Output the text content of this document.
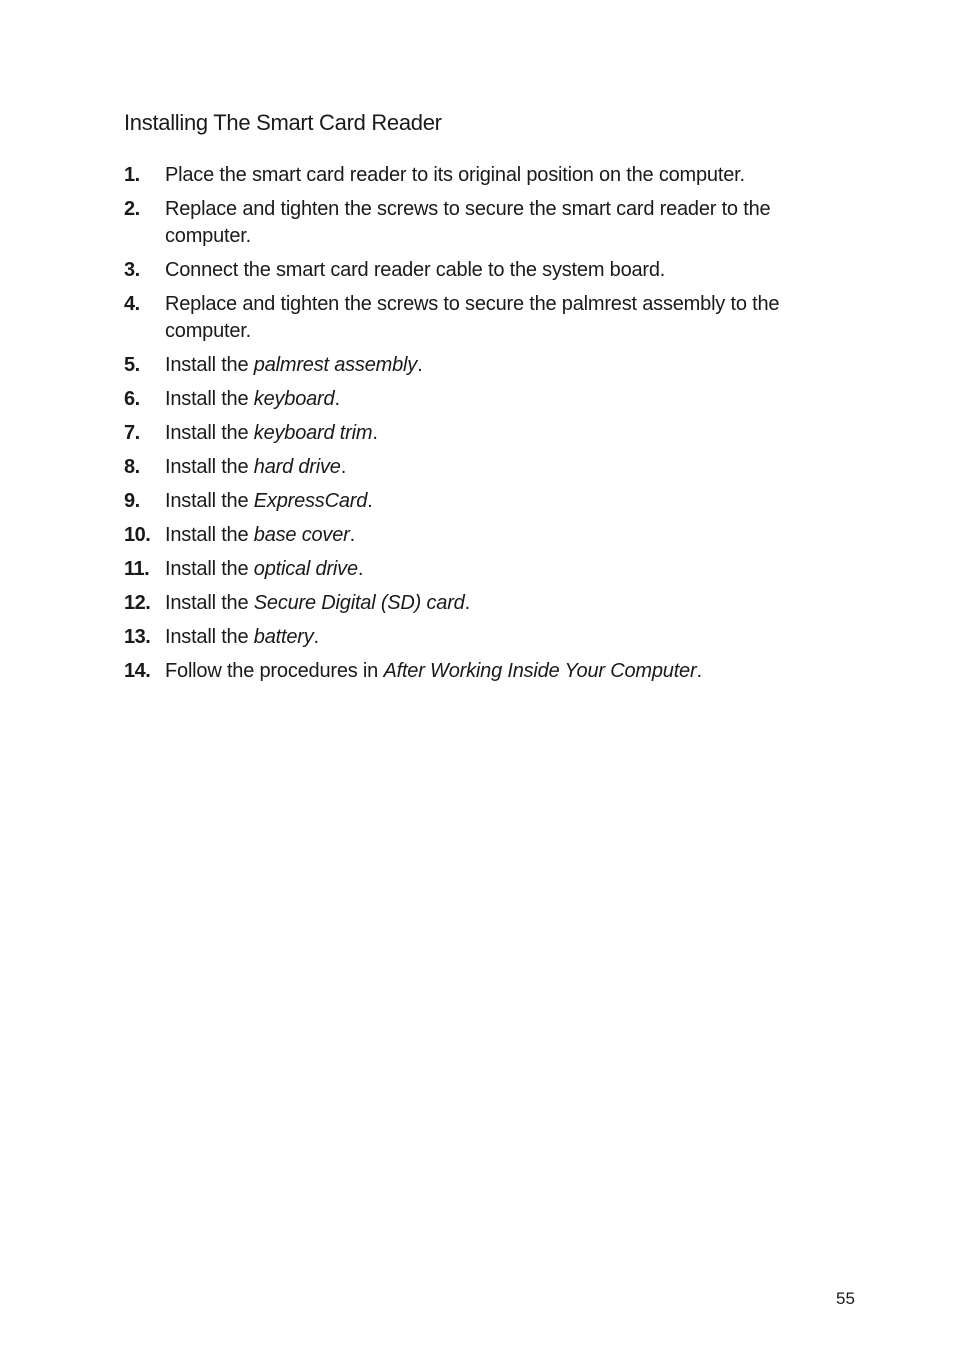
Installing The Smart Card Reader
1. Place the smart card reader to its original position on the computer.
2. Replace and tighten the screws to secure the smart card reader to the computer.
3. Connect the smart card reader cable to the system board.
4. Replace and tighten the screws to secure the palmrest assembly to the computer.
5. Install the palmrest assembly.
6. Install the keyboard.
7. Install the keyboard trim.
8. Install the hard drive.
9. Install the ExpressCard.
10. Install the base cover.
11. Install the optical drive.
12. Install the Secure Digital (SD) card.
13. Install the battery.
14. Follow the procedures in After Working Inside Your Computer.
55
